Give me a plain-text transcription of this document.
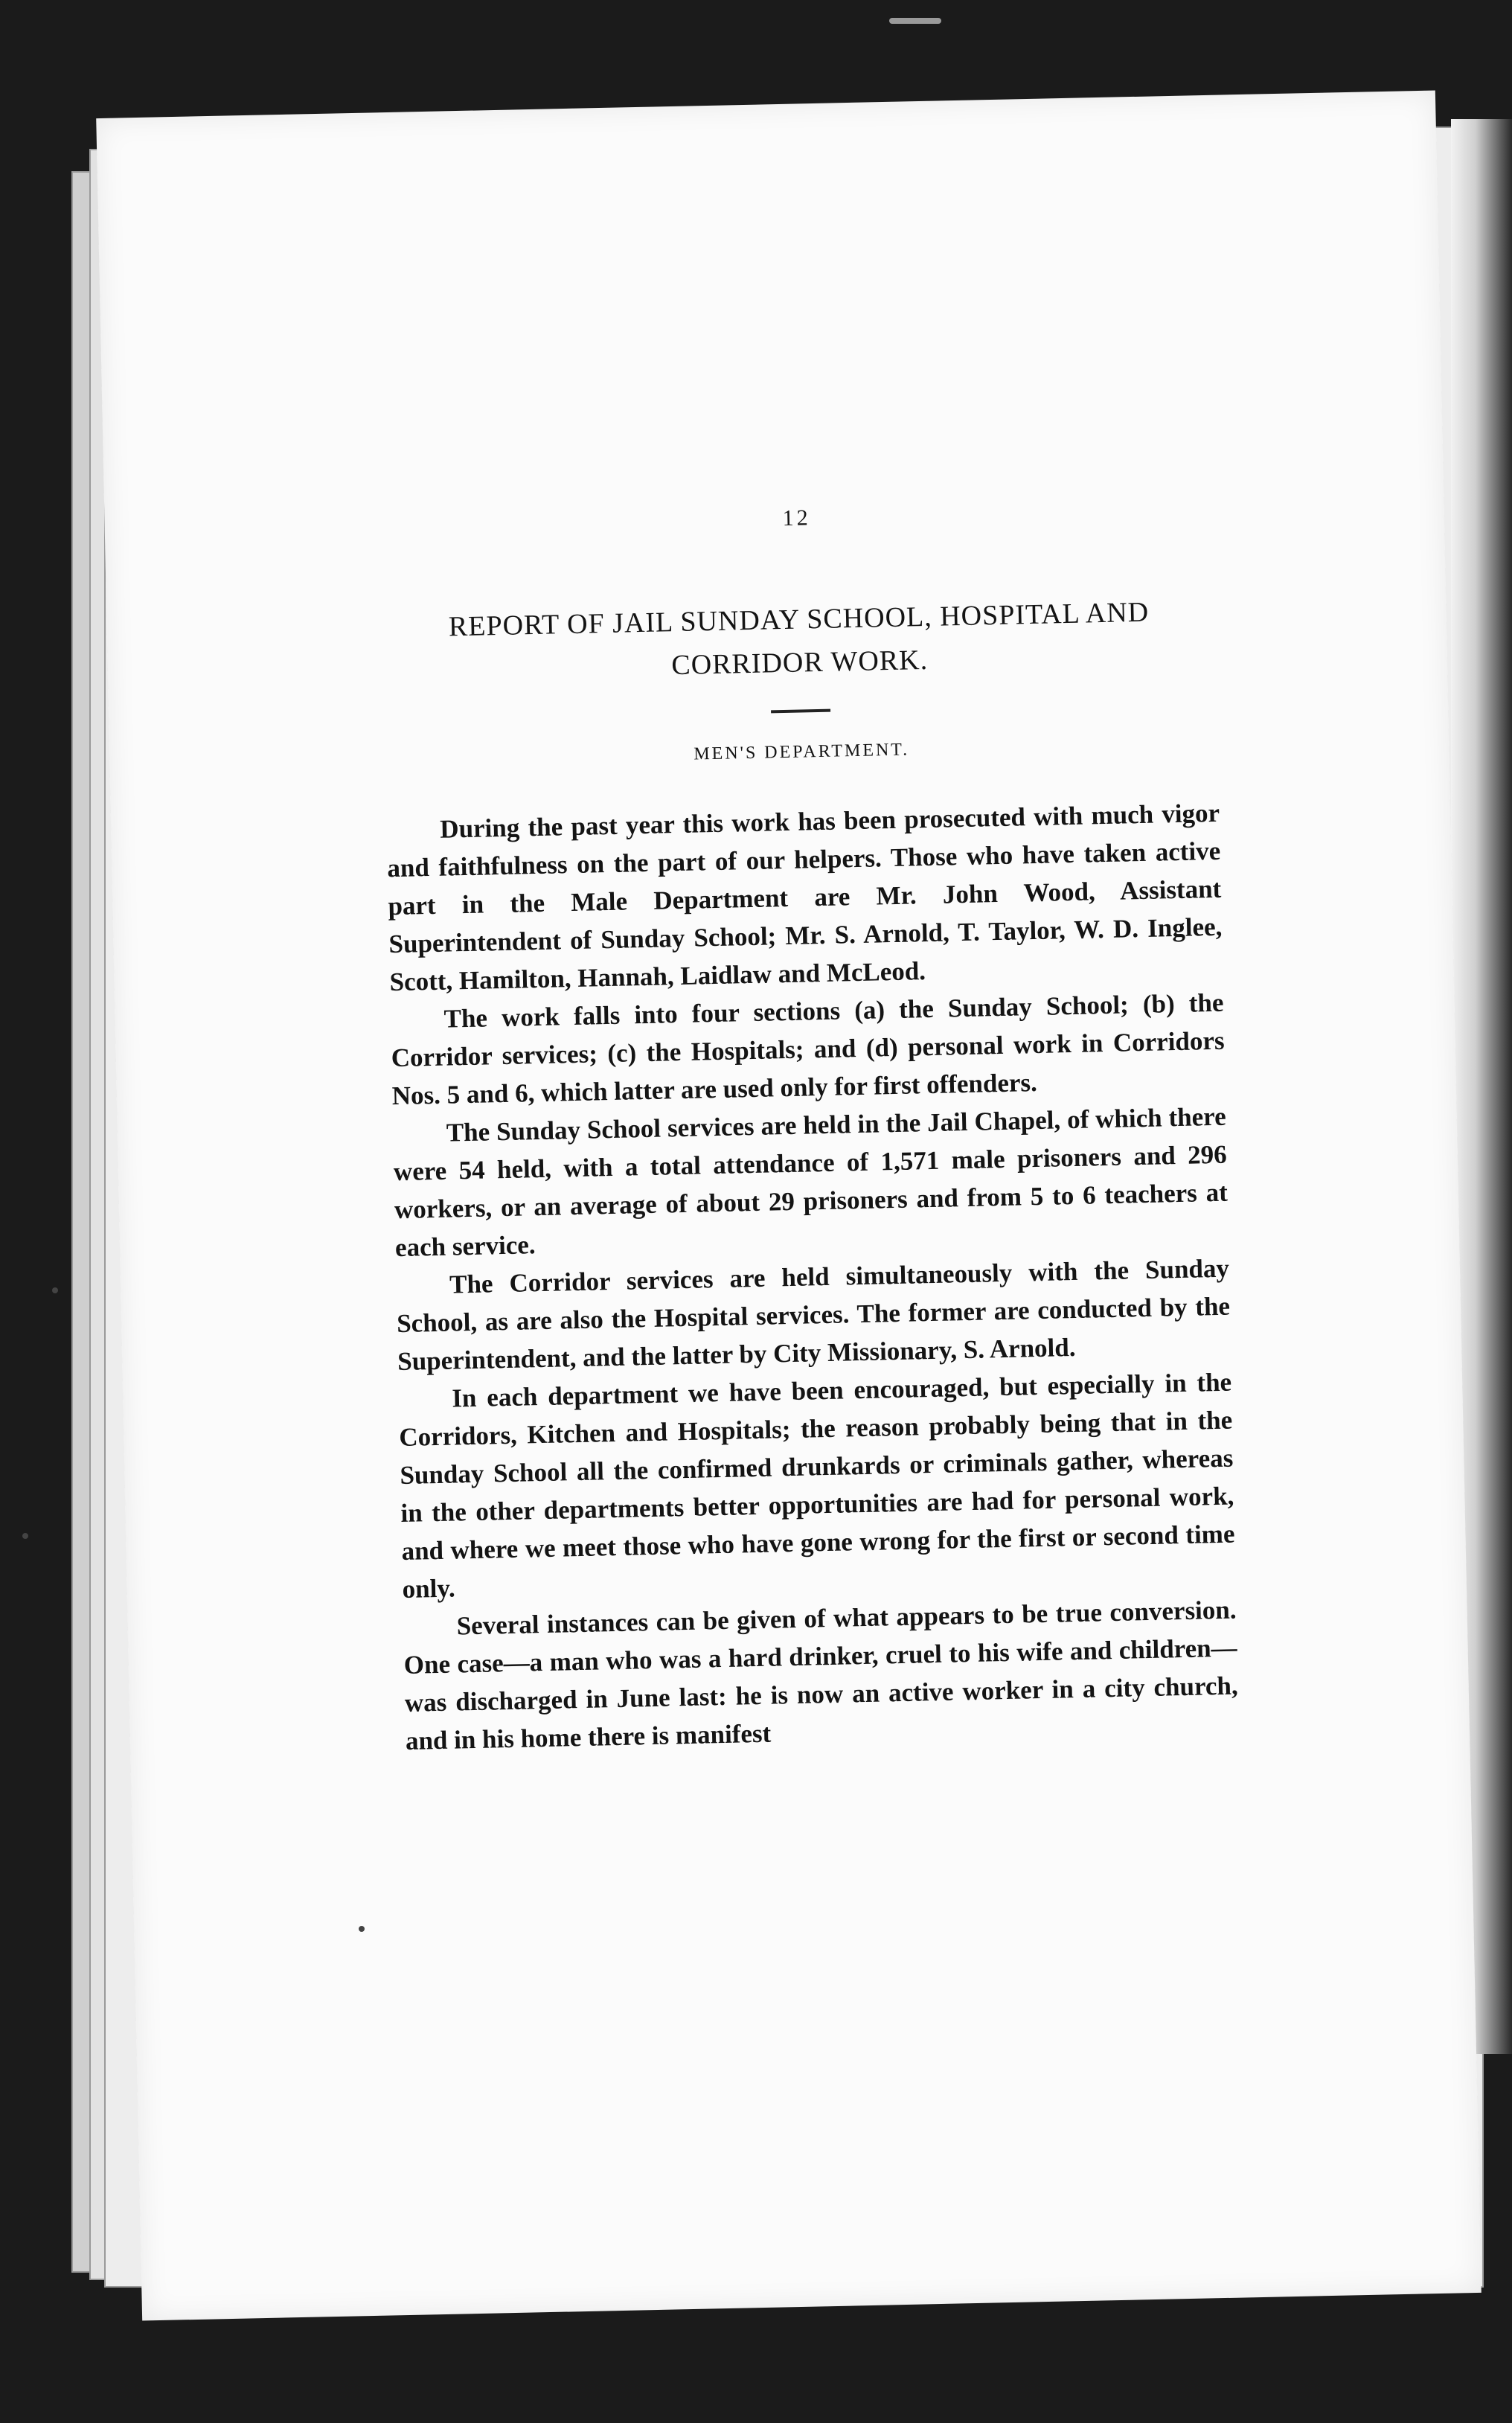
12
REPORT OF JAIL SUNDAY SCHOOL, HOSPITAL AND
CORRIDOR WORK.
MEN'S DEPARTMENT.

During the past year this work has been prosecuted with much vigor and faithfulness on the part of our helpers. Those who have taken active part in the Male Department are Mr. John Wood, Assistant Superintendent of Sunday School; Mr. S. Arnold, T. Taylor, W. D. Inglee, Scott, Hamilton, Hannah, Laidlaw and McLeod.

The work falls into four sections (a) the Sunday School; (b) the Corridor services; (c) the Hospitals; and (d) personal work in Corridors Nos. 5 and 6, which latter are used only for first offenders.

The Sunday School services are held in the Jail Chapel, of which there were 54 held, with a total attendance of 1,571 male prisoners and 296 workers, or an average of about 29 prisoners and from 5 to 6 teachers at each service.

The Corridor services are held simultaneously with the Sunday School, as are also the Hospital services. The former are conducted by the Superintendent, and the latter by City Missionary, S. Arnold.

In each department we have been encouraged, but especially in the Corridors, Kitchen and Hospitals; the reason probably being that in the Sunday School all the confirmed drunkards or criminals gather, whereas in the other departments better opportunities are had for personal work, and where we meet those who have gone wrong for the first or second time only.

Several instances can be given of what appears to be true conversion. One case—a man who was a hard drinker, cruel to his wife and children—was discharged in June last: he is now an active worker in a city church, and in his home there is manifest
